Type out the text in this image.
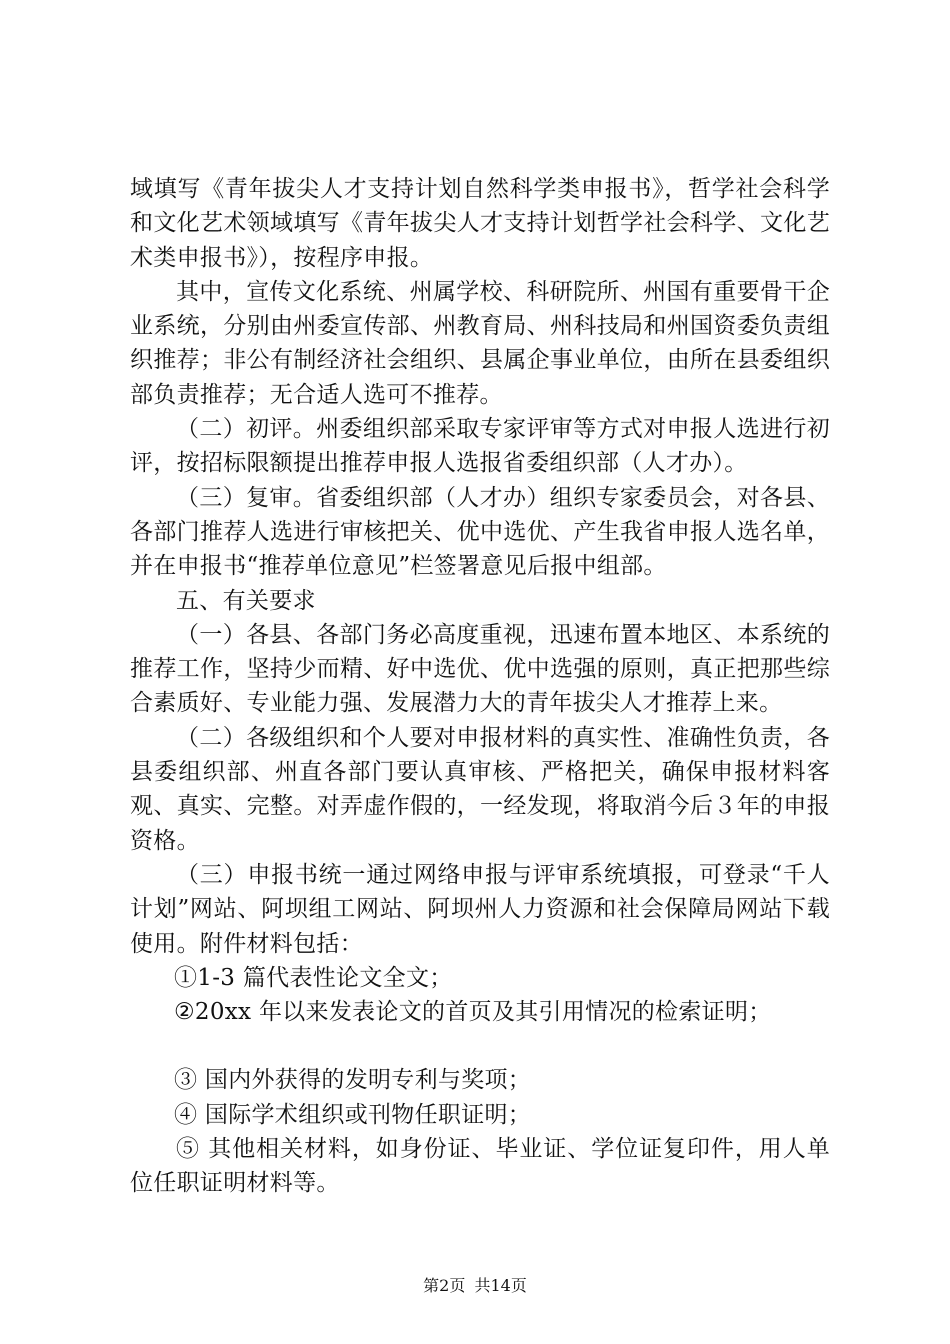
域填写《青年拔尖人才支持计划自然科学类申报书》，哲学社会科学和文化艺术领域填写《青年拔尖人才支持计划哲学社会科学、文化艺术类申报书》），按程序申报。

其中，宣传文化系统、州属学校、科研院所、州国有重要骨干企业系统，分别由州委宣传部、州教育局、州科技局和州国资委负责组织推荐；非公有制经济社会组织、县属企事业单位，由所在县委组织部负责推荐；无合适人选可不推荐。

（二）初评。州委组织部采取专家评审等方式对申报人选进行初评，按招标限额提出推荐申报人选报省委组织部（人才办）。

（三）复审。省委组织部（人才办）组织专家委员会，对各县、各部门推荐人选进行审核把关、优中选优、产生我省申报人选名单，并在申报书“推荐单位意见”栏签署意见后报中组部。

五、有关要求

（一）各县、各部门务必高度重视，迅速布置本地区、本系统的推荐工作，坚持少而精、好中选优、优中选强的原则，真正把那些综合素质好、专业能力强、发展潜力大的青年拔尖人才推荐上来。

（二）各级组织和个人要对申报材料的真实性、准确性负责，各县委组织部、州直各部门要认真审核、严格把关，确保申报材料客观、真实、完整。对弄虚作假的，一经发现，将取消今后３年的申报资格。

（三）申报书统一通过网络申报与评审系统填报，可登录“千人计划”网站、阿坝组工网站、阿坝州人力资源和社会保障局网站下载使用。附件材料包括：

①1-3 篇代表性论文全文；

②20xx 年以来发表论文的首页及其引用情况的检索证明；

③ 国内外获得的发明专利与奖项；

④ 国际学术组织或刊物任职证明；

⑤ 其他相关材料，如身份证、毕业证、学位证复印件，用人单位任职证明材料等。

第2页 共14页
